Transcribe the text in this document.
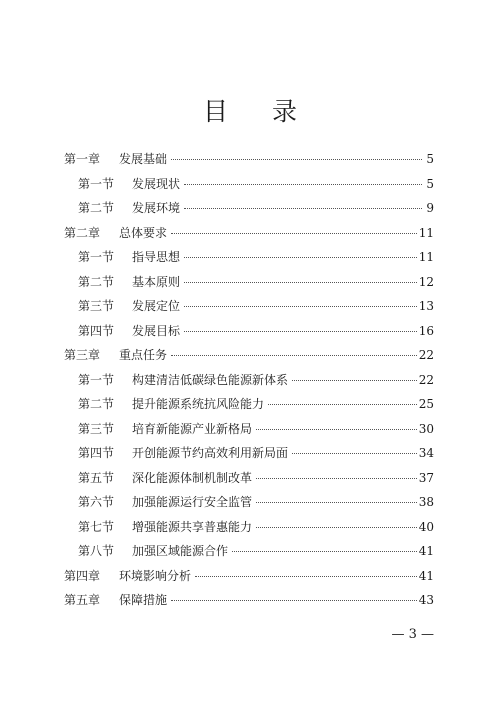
目 录
第一章 发展基础	5
第一节 发展现状	5
第二节 发展环境	9
第二章 总体要求	11
第一节 指导思想	11
第二节 基本原则	12
第三节 发展定位	13
第四节 发展目标	16
第三章 重点任务	22
第一节 构建清洁低碳绿色能源新体系	22
第二节 提升能源系统抗风险能力	25
第三节 培育新能源产业新格局	30
第四节 开创能源节约高效利用新局面	34
第五节 深化能源体制机制改革	37
第六节 加强能源运行安全监管	38
第七节 增强能源共享普惠能力	40
第八节 加强区域能源合作	41
第四章 环境影响分析	41
第五章 保障措施	43
— 3 —
